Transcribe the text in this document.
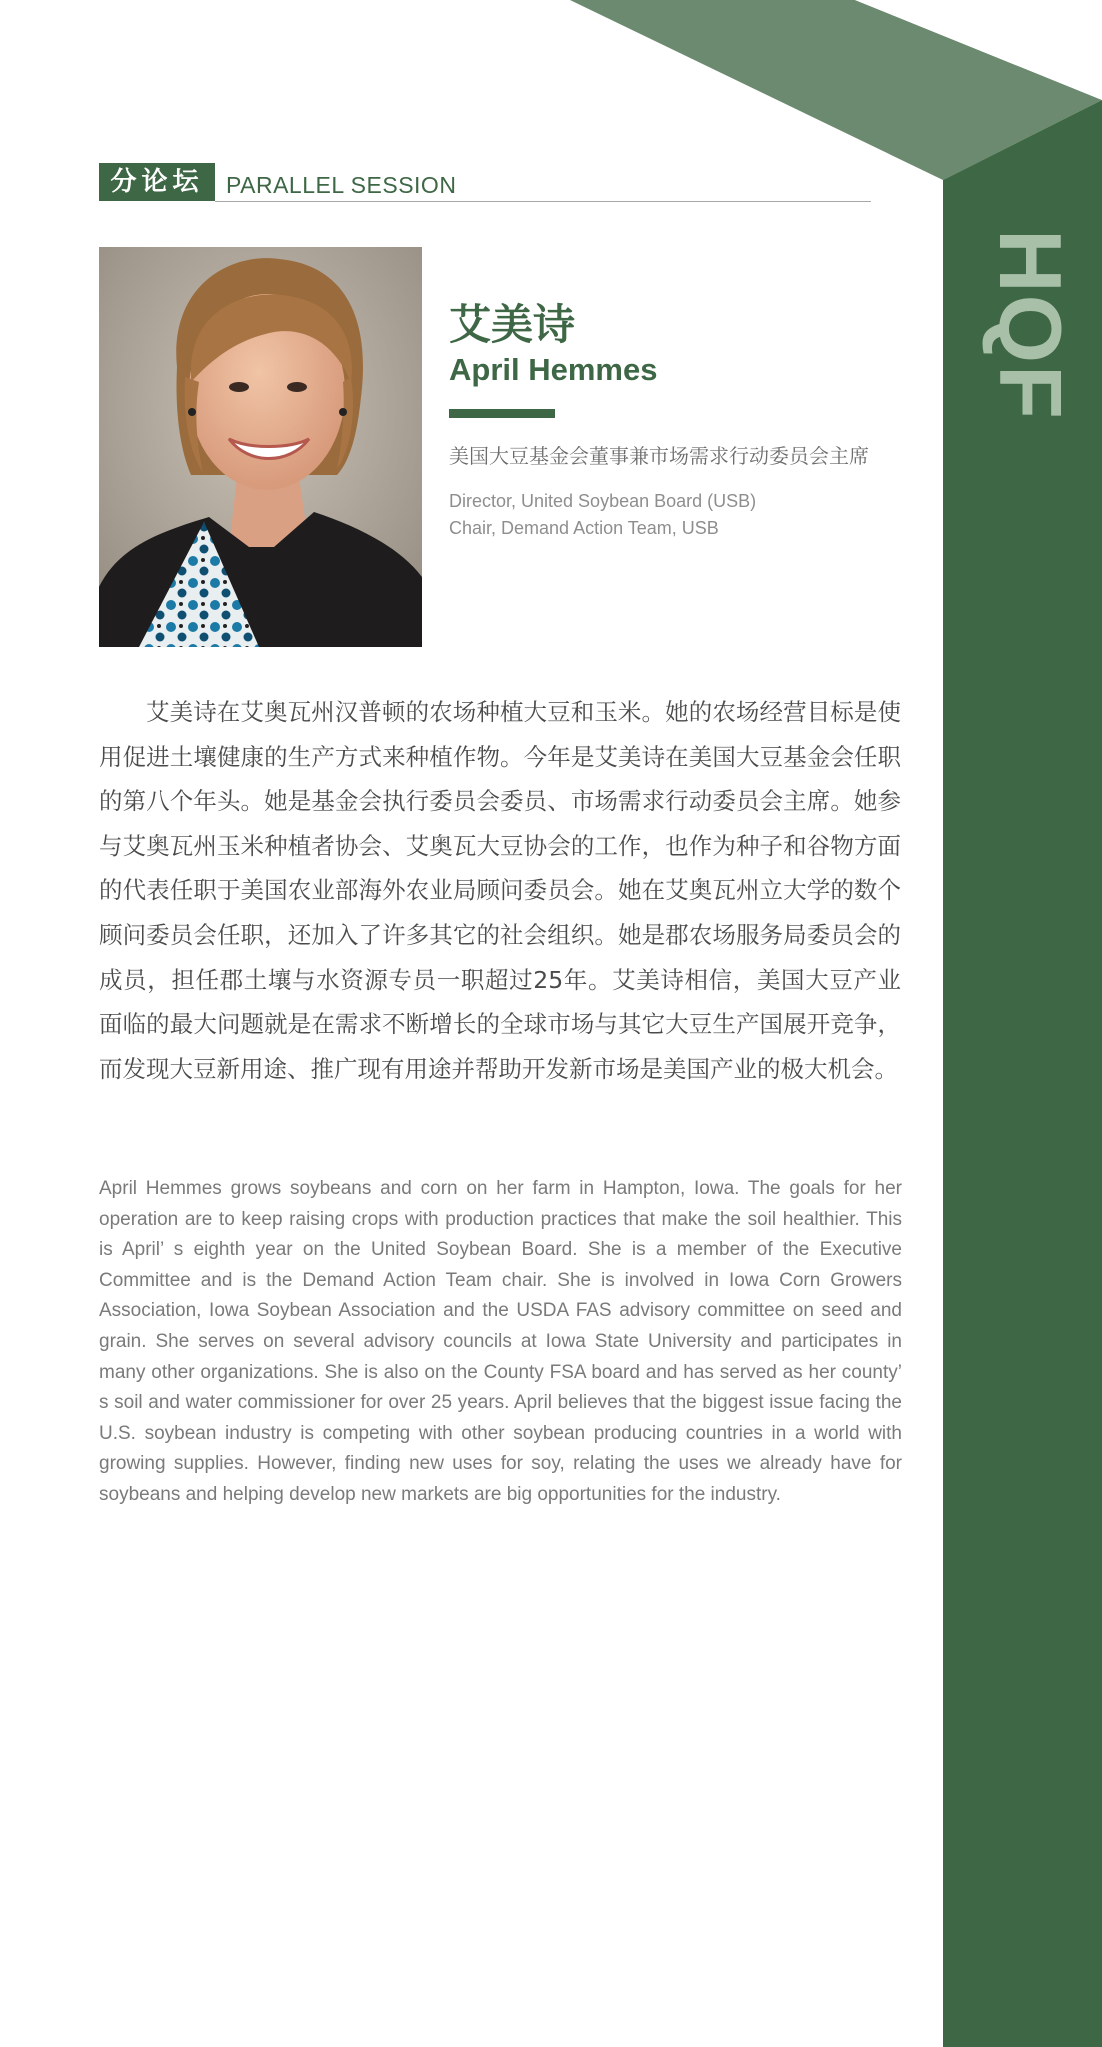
HQF
分论坛 PARALLEL SESSION
艾美诗
April Hemmes
美国大豆基金会董事兼市场需求行动委员会主席
Director, United Soybean Board (USB)
Chair, Demand Action Team, USB

艾美诗在艾奥瓦州汉普顿的农场种植大豆和玉米。她的农场经营目标是使用促进土壤健康的生产方式来种植作物。今年是艾美诗在美国大豆基金会任职的第八个年头。她是基金会执行委员会委员、市场需求行动委员会主席。她参与艾奥瓦州玉米种植者协会、艾奥瓦大豆协会的工作，也作为种子和谷物方面的代表任职于美国农业部海外农业局顾问委员会。她在艾奥瓦州立大学的数个顾问委员会任职，还加入了许多其它的社会组织。她是郡农场服务局委员会的成员，担任郡土壤与水资源专员一职超过25年。艾美诗相信，美国大豆产业面临的最大问题就是在需求不断增长的全球市场与其它大豆生产国展开竞争，而发现大豆新用途、推广现有用途并帮助开发新市场是美国产业的极大机会。

April Hemmes grows soybeans and corn on her farm in Hampton, Iowa. The goals for her operation are to keep raising crops with production practices that make the soil healthier. This is April’ s eighth year on the United Soybean Board. She is a member of the Executive Committee and is the Demand Action Team chair. She is involved in Iowa Corn Growers Association, Iowa Soybean Association and the USDA FAS advisory committee on seed and grain. She serves on several advisory councils at Iowa State University and participates in many other organizations. She is also on the County FSA board and has served as her county’ s soil and water commissioner for over 25 years. April believes that the biggest issue facing the U.S. soybean industry is competing with other soybean producing countries in a world with growing supplies. However, finding new uses for soy, relating the uses we already have for soybeans and helping develop new markets are big opportunities for the industry.
